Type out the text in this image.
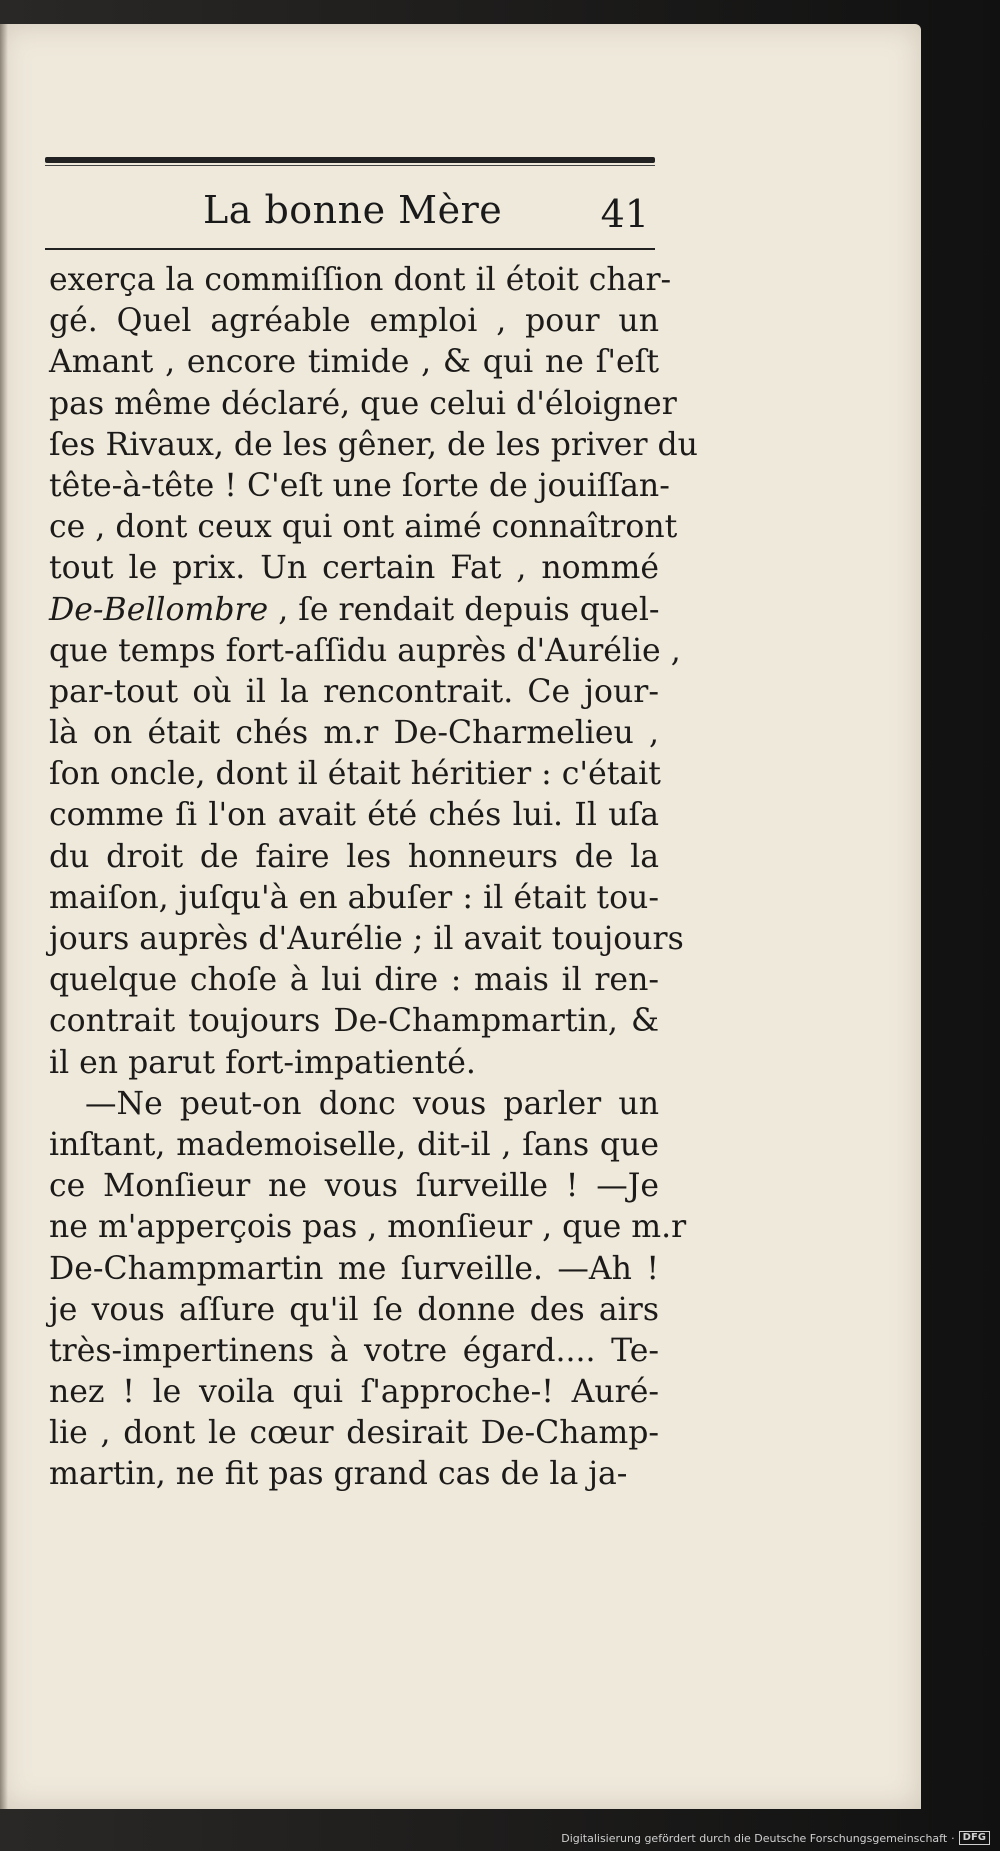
La bonne Mère	41
exerça la commiſſion dont il étoit char-
gé. Quel agréable emploi , pour un
Amant , encore timide , & qui ne ſ'eſt
pas même déclaré, que celui d'éloigner
ſes Rivaux, de les gêner, de les priver du
tête-à-tête ! C'eſt une ſorte de jouiſſan-
ce , dont ceux qui ont aimé connaîtront
tout le prix. Un certain Fat , nommé
De-Bellombre , ſe rendait depuis quel-
que temps fort-aſſidu auprès d'Aurélie ,
par-tout où il la rencontrait. Ce jour-
là on était chés m.r De-Charmelieu ,
ſon oncle, dont il était héritier : c'était
comme ſi l'on avait été chés lui. Il uſa
du droit de faire les honneurs de la
maiſon, juſqu'à en abuſer : il était tou-
jours auprès d'Aurélie ; il avait toujours
quelque choſe à lui dire : mais il ren-
contrait toujours De-Champmartin, &
il en parut fort-impatienté.
—Ne peut-on donc vous parler un
inſtant, mademoiselle, dit-il , ſans que
ce Monſieur ne vous ſurveille ! —Je
ne m'apperçois pas , monſieur , que m.r
De-Champmartin me ſurveille. —Ah !
je vous aſſure qu'il ſe donne des airs
très-impertinens à votre égard.... Te-
nez ! le voila qui ſ'approche-! Auré-
lie , dont le cœur desirait De-Champ-
martin, ne fit pas grand cas de la ja-
Digitalisierung gefördert durch die Deutsche Forschungsgemeinschaft · DFG
